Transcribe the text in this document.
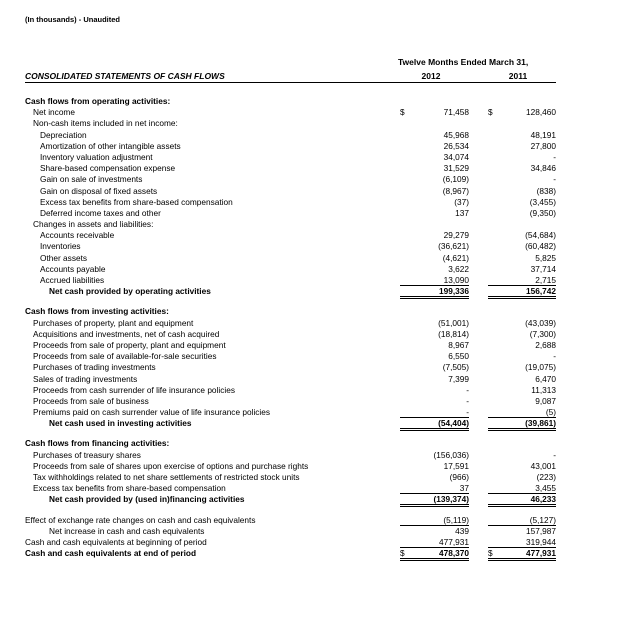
(In thousands) - Unaudited
Twelve Months Ended March 31,
CONSOLIDATED STATEMENTS OF CASH FLOWS	2012	2011
Cash flows from operating activities:
Net income	$	71,458 $	128,460
Non-cash items included in net income:
Depreciation	45,968	48,191
Amortization of other intangible assets	26,534	27,800
Inventory valuation adjustment	34,074	-
Share-based compensation expense	31,529	34,846
Gain on sale of investments	(6,109)	-
Gain on disposal of fixed assets	(8,967)	(838)
Excess tax benefits from share-based compensation	(37)	(3,455)
Deferred income taxes and other	137	(9,350)
Changes in assets and liabilities:
Accounts receivable	29,279	(54,684)
Inventories	(36,621)	(60,482)
Other assets	(4,621)	5,825
Accounts payable	3,622	37,714
Accrued liabilities	13,090	2,715
Net cash provided by operating activities	199,336	156,742
Cash flows from investing activities:
Purchases of property, plant and equipment	(51,001)	(43,039)
Acquisitions and investments, net of cash acquired	(18,814)	(7,300)
Proceeds from sale of property, plant and equipment	8,967	2,688
Proceeds from sale of available-for-sale securities	6,550	-
Purchases of trading investments	(7,505)	(19,075)
Sales of trading investments	7,399	6,470
Proceeds from cash surrender of life insurance policies	-	11,313
Proceeds from sale of business	-	9,087
Premiums paid on cash surrender value of life insurance policies	-	(5)
Net cash used in investing activities	(54,404)	(39,861)
Cash flows from financing activities:
Purchases of treasury shares	(156,036)	-
Proceeds from sale of shares upon exercise of options and purchase rights	17,591	43,001
Tax withholdings related to net share settlements of restricted stock units	(966)	(223)
Excess tax benefits from share-based compensation	37	3,455
Net cash provided by (used in)financing activities	(139,374)	46,233
Effect of exchange rate changes on cash and cash equivalents	(5,119)	(5,127)
Net increase in cash and cash equivalents	439	157,987
Cash and cash equivalents at beginning of period	477,931	319,944
Cash and cash equivalents at end of period	$	478,370 $	477,931
